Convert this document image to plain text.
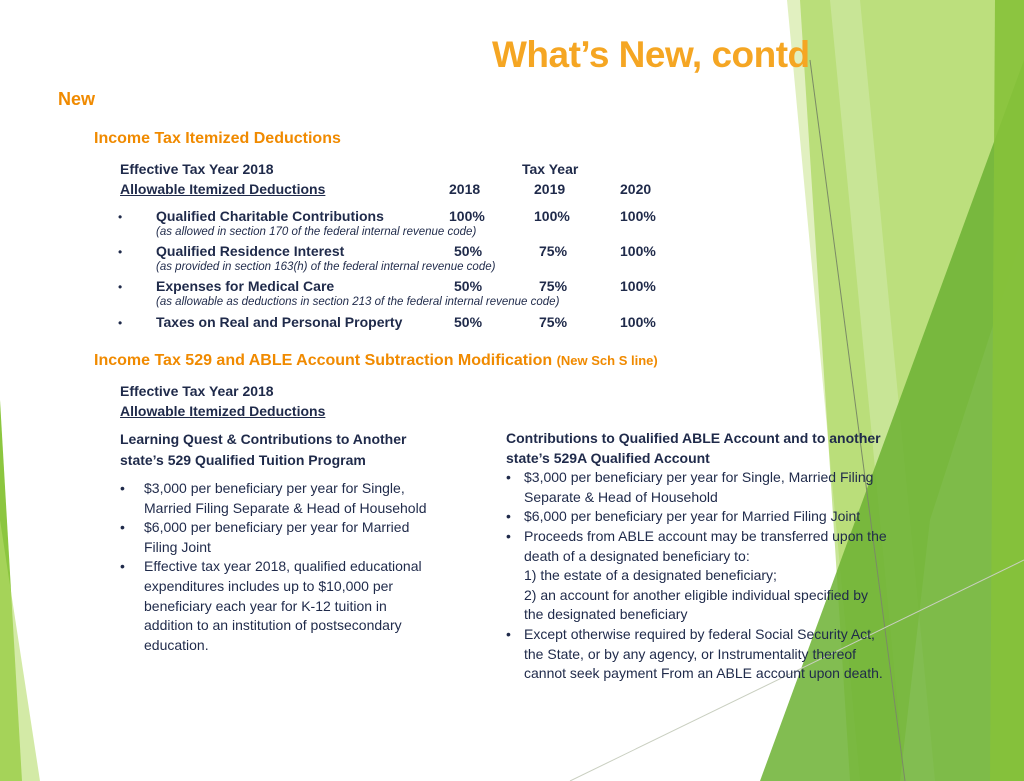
What’s New, contd
New
Income Tax Itemized Deductions
Effective Tax Year 2018	Tax Year
Allowable Itemized Deductions	2018	2019	2020
• Qualified Charitable Contributions	100%	100%	100%
(as allowed in section 170 of the federal internal revenue code)
• Qualified Residence Interest	50%	75%	100%
(as provided in section 163(h) of the federal internal revenue code)
• Expenses for Medical Care	50%	75%	100%
(as allowable as deductions in section 213 of the federal internal revenue code)
• Taxes on Real and Personal Property	50%	75%	100%
Income Tax 529 and ABLE Account Subtraction Modification (New Sch S line)
Effective Tax Year 2018
Allowable Itemized Deductions
Learning Quest & Contributions to Another
state’s 529 Qualified Tuition Program
• $3,000 per beneficiary per year for Single,
Married Filing Separate & Head of Household
• $6,000 per beneficiary per year for Married
Filing Joint
• Effective tax year 2018, qualified educational
expenditures includes up to $10,000 per
beneficiary each year for K-12 tuition in
addition to an institution of postsecondary
education.
Contributions to Qualified ABLE Account and to another
state’s 529A Qualified Account
• $3,000 per beneficiary per year for Single, Married Filing
Separate & Head of Household
• $6,000 per beneficiary per year for Married Filing Joint
• Proceeds from ABLE account may be transferred upon the
death of a designated beneficiary to:
1) the estate of a designated beneficiary;
2) an account for another eligible individual specified by
the designated beneficiary
• Except otherwise required by federal Social Security Act,
the State, or by any agency, or Instrumentality thereof
cannot seek payment From an ABLE account upon death.
